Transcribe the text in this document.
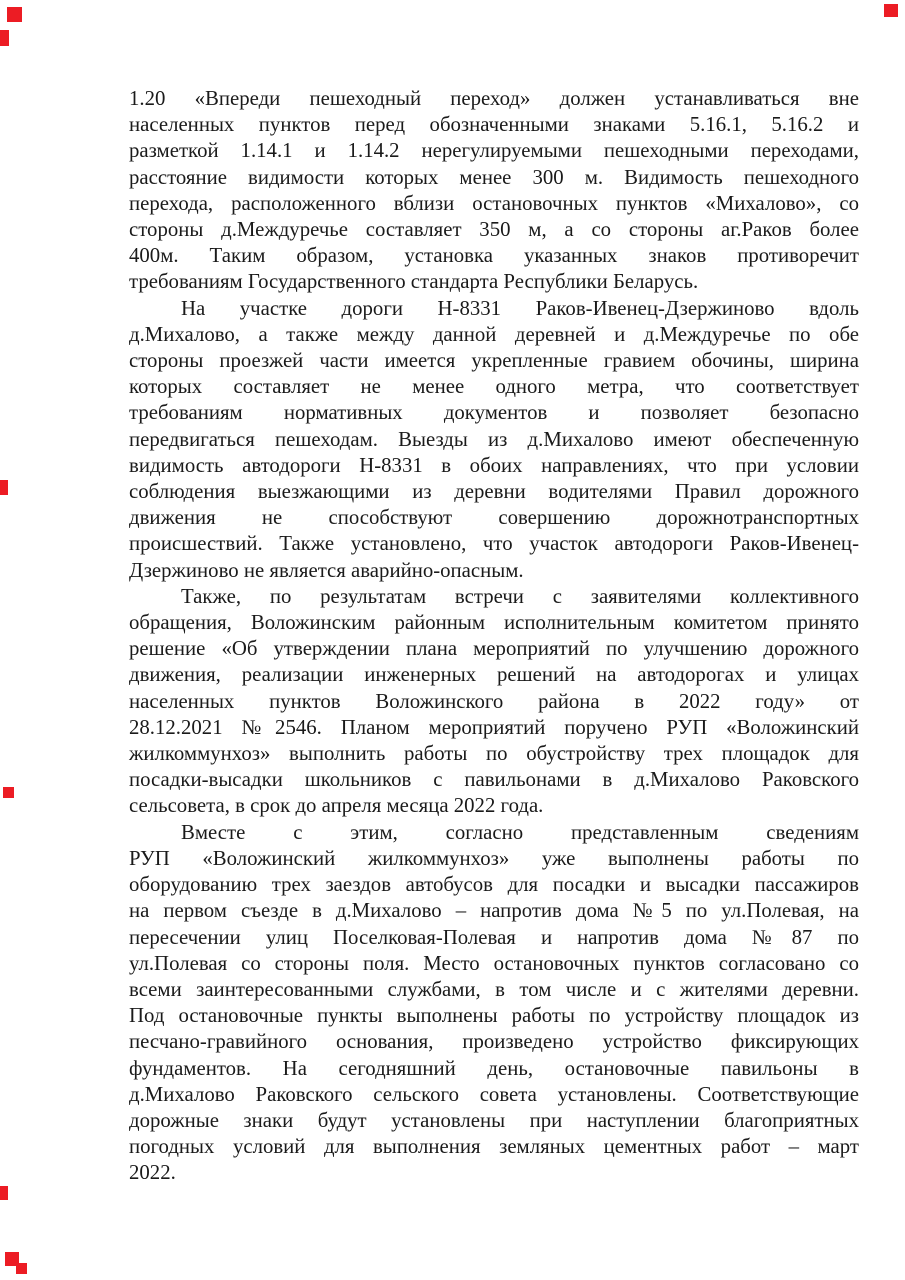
1.20 «Впереди пешеходный переход» должен устанавливаться вне
населенных пунктов перед обозначенными знаками 5.16.1, 5.16.2 и
разметкой 1.14.1 и 1.14.2 нерегулируемыми пешеходными переходами,
расстояние видимости которых менее 300 м. Видимость пешеходного
перехода, расположенного вблизи остановочных пунктов «Михалово», со
стороны д.Междуречье составляет 350 м, а со стороны аг.Раков более
400м. Таким образом, установка указанных знаков противоречит
требованиям Государственного стандарта Республики Беларусь.
На участке дороги Н-8331 Раков-Ивенец-Дзержиново вдоль
д.Михалово, а также между данной деревней и д.Междуречье по обе
стороны проезжей части имеется укрепленные гравием обочины, ширина
которых составляет не менее одного метра, что соответствует
требованиям нормативных документов и позволяет безопасно
передвигаться пешеходам. Выезды из д.Михалово имеют обеспеченную
видимость автодороги Н-8331 в обоих направлениях, что при условии
соблюдения выезжающими из деревни водителями Правил дорожного
движения не способствуют совершению дорожнотранспортных
происшествий. Также установлено, что участок автодороги Раков-Ивенец-
Дзержиново не является аварийно-опасным.
Также, по результатам встречи с заявителями коллективного
обращения, Воложинским районным исполнительным комитетом принято
решение «Об утверждении плана мероприятий по улучшению дорожного
движения, реализации инженерных решений на автодорогах и улицах
населенных пунктов Воложинского района в 2022 году» от
28.12.2021 №2546. Планом мероприятий поручено РУП «Воложинский
жилкоммунхоз» выполнить работы по обустройству трех площадок для
посадки-высадки школьников с павильонами в д.Михалово Раковского
сельсовета, в срок до апреля месяца 2022 года.
Вместе с этим, согласно представленным сведениям
РУП «Воложинский жилкоммунхоз» уже выполнены работы по
оборудованию трех заездов автобусов для посадки и высадки пассажиров
на первом съезде в д.Михалово – напротив дома №5 по ул.Полевая, на
пересечении улиц Поселковая-Полевая и напротив дома №87 по
ул.Полевая со стороны поля. Место остановочных пунктов согласовано со
всеми заинтересованными службами, в том числе и с жителями деревни.
Под остановочные пункты выполнены работы по устройству площадок из
песчано-гравийного основания, произведено устройство фиксирующих
фундаментов. На сегодняшний день, остановочные павильоны в
д.Михалово Раковского сельского совета установлены. Соответствующие
дорожные знаки будут установлены при наступлении благоприятных
погодных условий для выполнения земляных цементных работ – март
2022.
